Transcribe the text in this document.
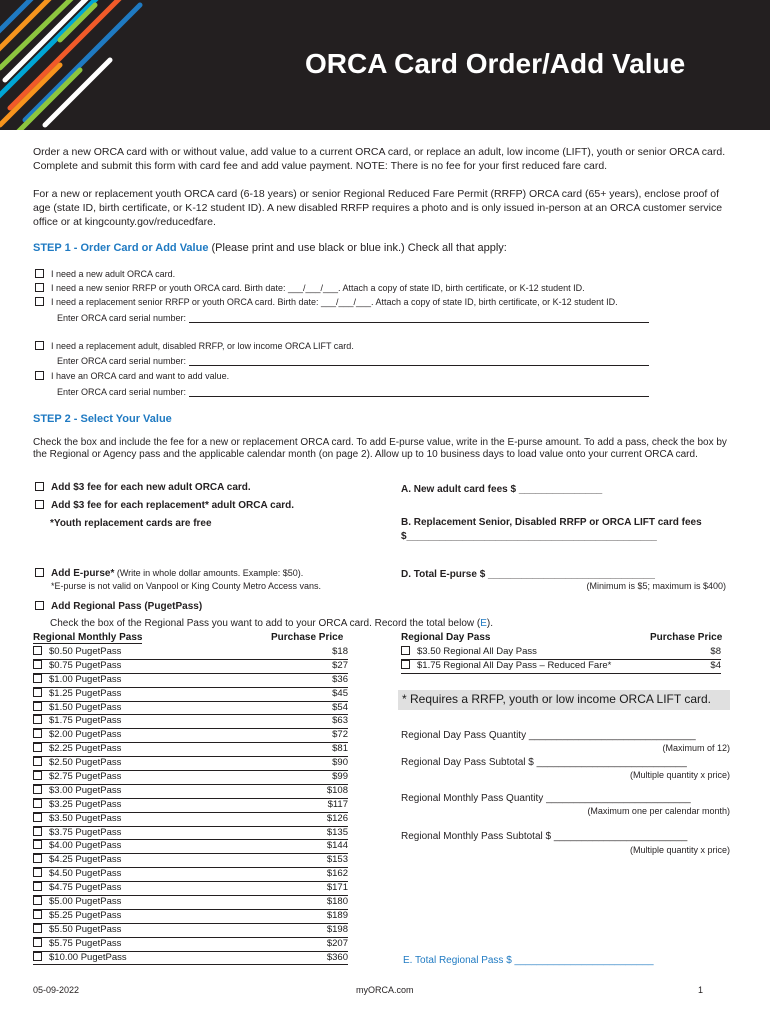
ORCA Card Order/Add Value
Order a new ORCA card with or without value, add value to a current ORCA card, or replace an adult, low income (LIFT), youth or senior ORCA card. Complete and submit this form with card fee and add value payment. NOTE: There is no fee for your first reduced fare card.
For a new or replacement youth ORCA card (6-18 years) or senior Regional Reduced Fare Permit (RRFP) ORCA card (65+ years), enclose proof of age (state ID, birth certificate, or K-12 student ID). A new disabled RRFP requires a photo and is only issued in-person at an ORCA customer service office or at kingcounty.gov/reducedfare.
STEP 1 - Order Card or Add Value (Please print and use black or blue ink.) Check all that apply:
I need a new adult ORCA card.
I need a new senior RRFP or youth ORCA card. Birth date: ___/___/___. Attach a copy of state ID, birth certificate, or K-12 student ID.
I need a replacement senior RRFP or youth ORCA card. Birth date: ___/___/___. Attach a copy of state ID, birth certificate, or K-12 student ID.
Enter ORCA card serial number:
I need a replacement adult, disabled RRFP, or low income ORCA LIFT card.
Enter ORCA card serial number:
I have an ORCA card and want to add value.
Enter ORCA card serial number:
STEP 2 - Select Your Value
Check the box and include the fee for a new or replacement ORCA card. To add E-purse value, write in the E-purse amount. To add a pass, check the box by the Regional or Agency pass and the applicable calendar month (on page 2). Allow up to 10 business days to load value onto your current ORCA card.
Add $3 fee for each new adult ORCA card.
Add $3 fee for each replacement* adult ORCA card.
*Youth replacement cards are free
A. New adult card fees $ _______________
B. Replacement Senior, Disabled RRFP or ORCA LIFT card fees
$_____________________________________________
Add E-purse* (Write in whole dollar amounts. Example: $50).
*E-purse is not valid on Vanpool or King County Metro Access vans.
D. Total E-purse $ ______________________________
(Minimum is $5; maximum is $400)
Add Regional Pass (PugetPass)
Check the box of the Regional Pass you want to add to your ORCA card. Record the total below (E).
Regional Monthly Pass	Purchase Price
$0.50 PugetPass	$18
$0.75 PugetPass	$27
$1.00 PugetPass	$36
$1.25 PugetPass	$45
$1.50 PugetPass	$54
$1.75 PugetPass	$63
$2.00 PugetPass	$72
$2.25 PugetPass	$81
$2.50 PugetPass	$90
$2.75 PugetPass	$99
$3.00 PugetPass	$108
$3.25 PugetPass	$117
$3.50 PugetPass	$126
$3.75 PugetPass	$135
$4.00 PugetPass	$144
$4.25 PugetPass	$153
$4.50 PugetPass	$162
$4.75 PugetPass	$171
$5.00 PugetPass	$180
$5.25 PugetPass	$189
$5.50 PugetPass	$198
$5.75 PugetPass	$207
$10.00 PugetPass	$360
Regional Day Pass	Purchase Price
$3.50 Regional All Day Pass	$8
$1.75 Regional All Day Pass – Reduced Fare*	$4
* Requires a RRFP, youth or low income ORCA LIFT card.
Regional Day Pass Quantity ______________________________
(Maximum of 12)
Regional Day Pass Subtotal $ ___________________________
(Multiple quantity x price)
Regional Monthly Pass Quantity __________________________
(Maximum one per calendar month)
Regional Monthly Pass Subtotal $ ________________________
(Multiple quantity x price)
E. Total Regional Pass $ _________________________
05-09-2022	myORCA.com	1
